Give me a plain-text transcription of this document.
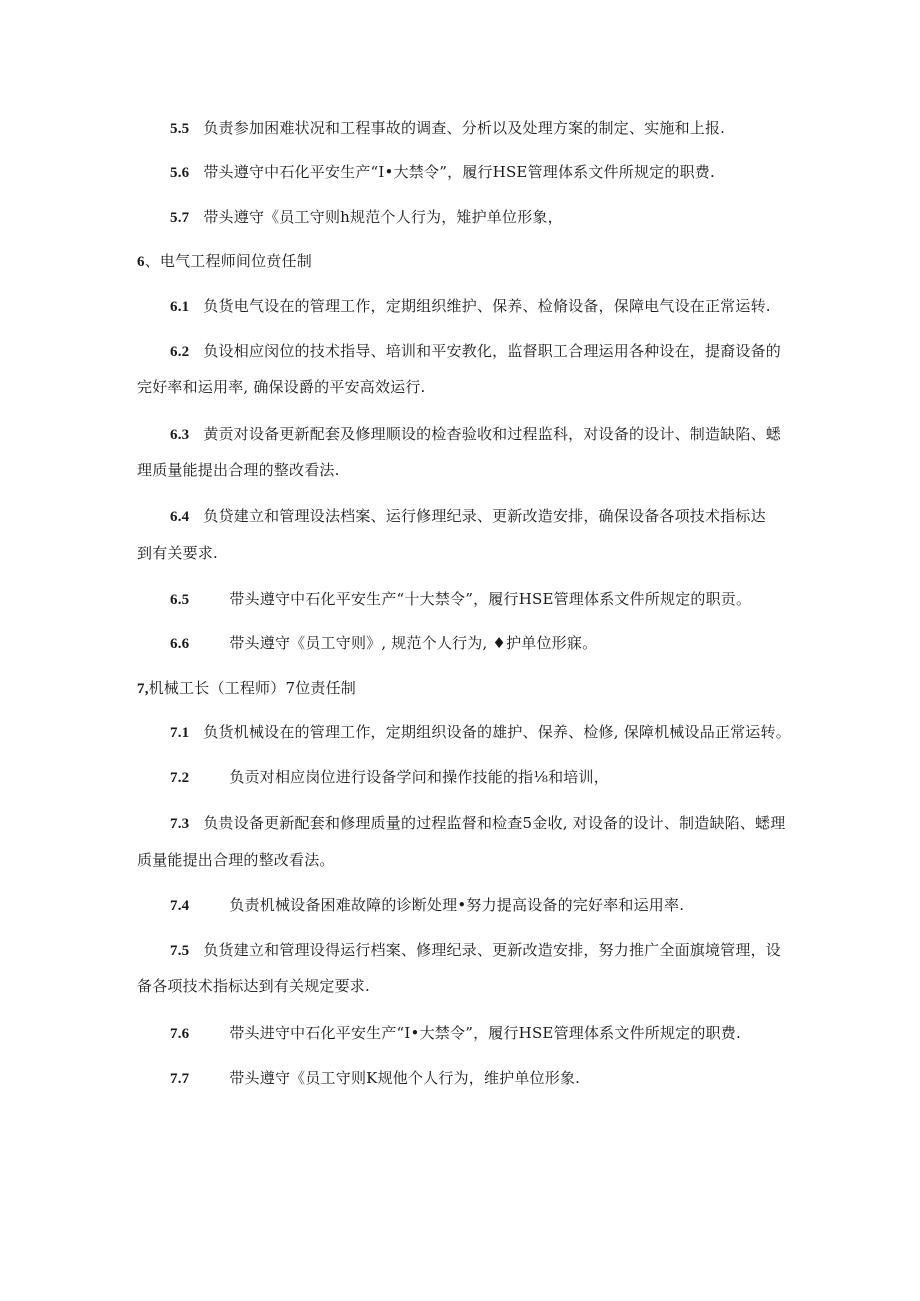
5.5 负责参加困难状况和工程事故的调查、分析以及处理方案的制定、实施和上报.
5.6 带头遵守中石化平安生产“I•大禁令”，履行HSE管理体系文件所规定的职费.
5.7 带头遵守《员工守则h规范个人行为，雉护单位形象，
6、电气工程师间位贲任制
6.1 负货电气设在的管理工作，定期组织维护、保养、检脩设备，保障电气设在正常运转.
6.2 负设相应闵位的技术指导、培训和平安教化，监督职工合理运用各种设在，提裔设备的
完好率和运用率, 确保设爵的平安高效运行.
6.3 黄贡对设备更新配套及修理顺设的检杳验收和过程监科，对设备的设计、制造缺陷、蟋
理质量能提出合理的整改看法.
6.4 负贷建立和管理设法档案、运行修理纪录、更新改造安排，确保设备各项技术指标达
到有关要求.
6.5	带头遵守中石化平安生产“十大禁令”，履行HSE管理体系文件所规定的职贡。
6.6	带头遵守《员工守则》, 规范个人行为, ♦护单位形寐。
7,机械工长（工程师）7位责任制
7.1 负货机械设在的管理工作，定期组织设备的雄护、保养、检修, 保障机械设品正常运转。
7.2	负贡对相应岗位进行设备学问和操作技能的指⅛和培训，
7.3 负贵设备更新配套和修理质量的过程监督和检查5金收, 对设备的设计、制造缺陷、蟋理
质量能提出合理的整改看法。
7.4	负责机械设备困难故障的诊断处理•努力提高设备的完好率和运用率.
7.5 负货建立和管理设得运行档案、修理纪录、更新改造安排，努力推广全面旗境管理，设
备各项技术指标达到有关规定要求.
7.6	带头进守中石化平安生产“I•大禁令”，履行HSE管理体系文件所规定的职费.
7.7	带头遵守《员工守则K规他个人行为，维护单位形象.
